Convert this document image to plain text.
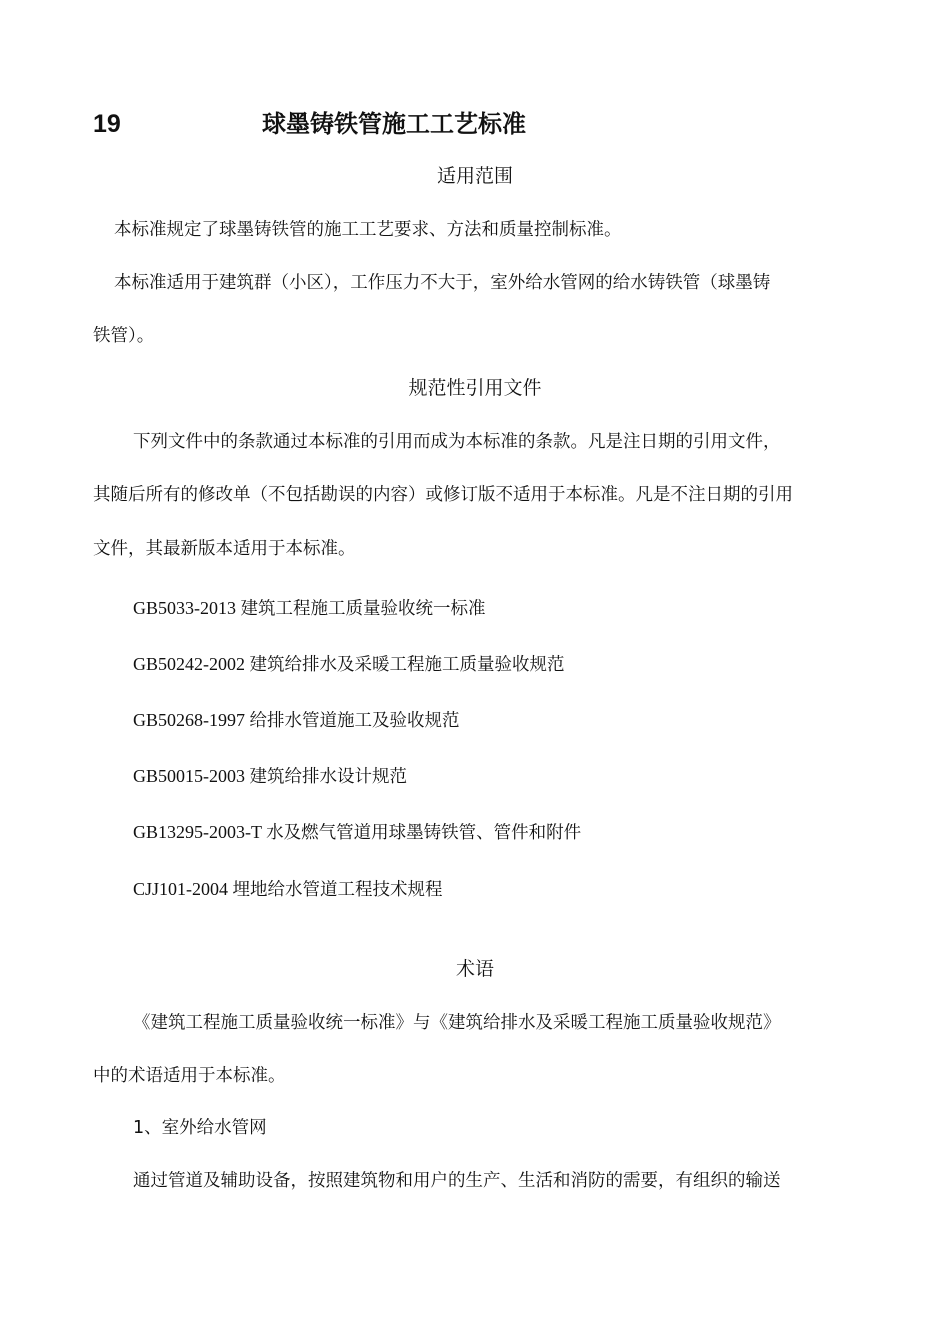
19	球墨铸铁管施工工艺标准
适用范围
本标准规定了球墨铸铁管的施工工艺要求、方法和质量控制标准。
本标准适用于建筑群（小区），工作压力不大于，室外给水管网的给水铸铁管（球墨铸
铁管）。
规范性引用文件
下列文件中的条款通过本标准的引用而成为本标准的条款。凡是注日期的引用文件，
其随后所有的修改单（不包括勘误的内容）或修订版不适用于本标准。凡是不注日期的引用
文件，其最新版本适用于本标准。
GB5033-2013 建筑工程施工质量验收统一标准
GB50242-2002 建筑给排水及采暖工程施工质量验收规范
GB50268-1997 给排水管道施工及验收规范
GB50015-2003 建筑给排水设计规范
GB13295-2003-T 水及燃气管道用球墨铸铁管、管件和附件
CJJ101-2004 埋地给水管道工程技术规程
术语
《建筑工程施工质量验收统一标准》与《建筑给排水及采暖工程施工质量验收规范》
中的术语适用于本标准。
1、室外给水管网
通过管道及辅助设备，按照建筑物和用户的生产、生活和消防的需要，有组织的输送
